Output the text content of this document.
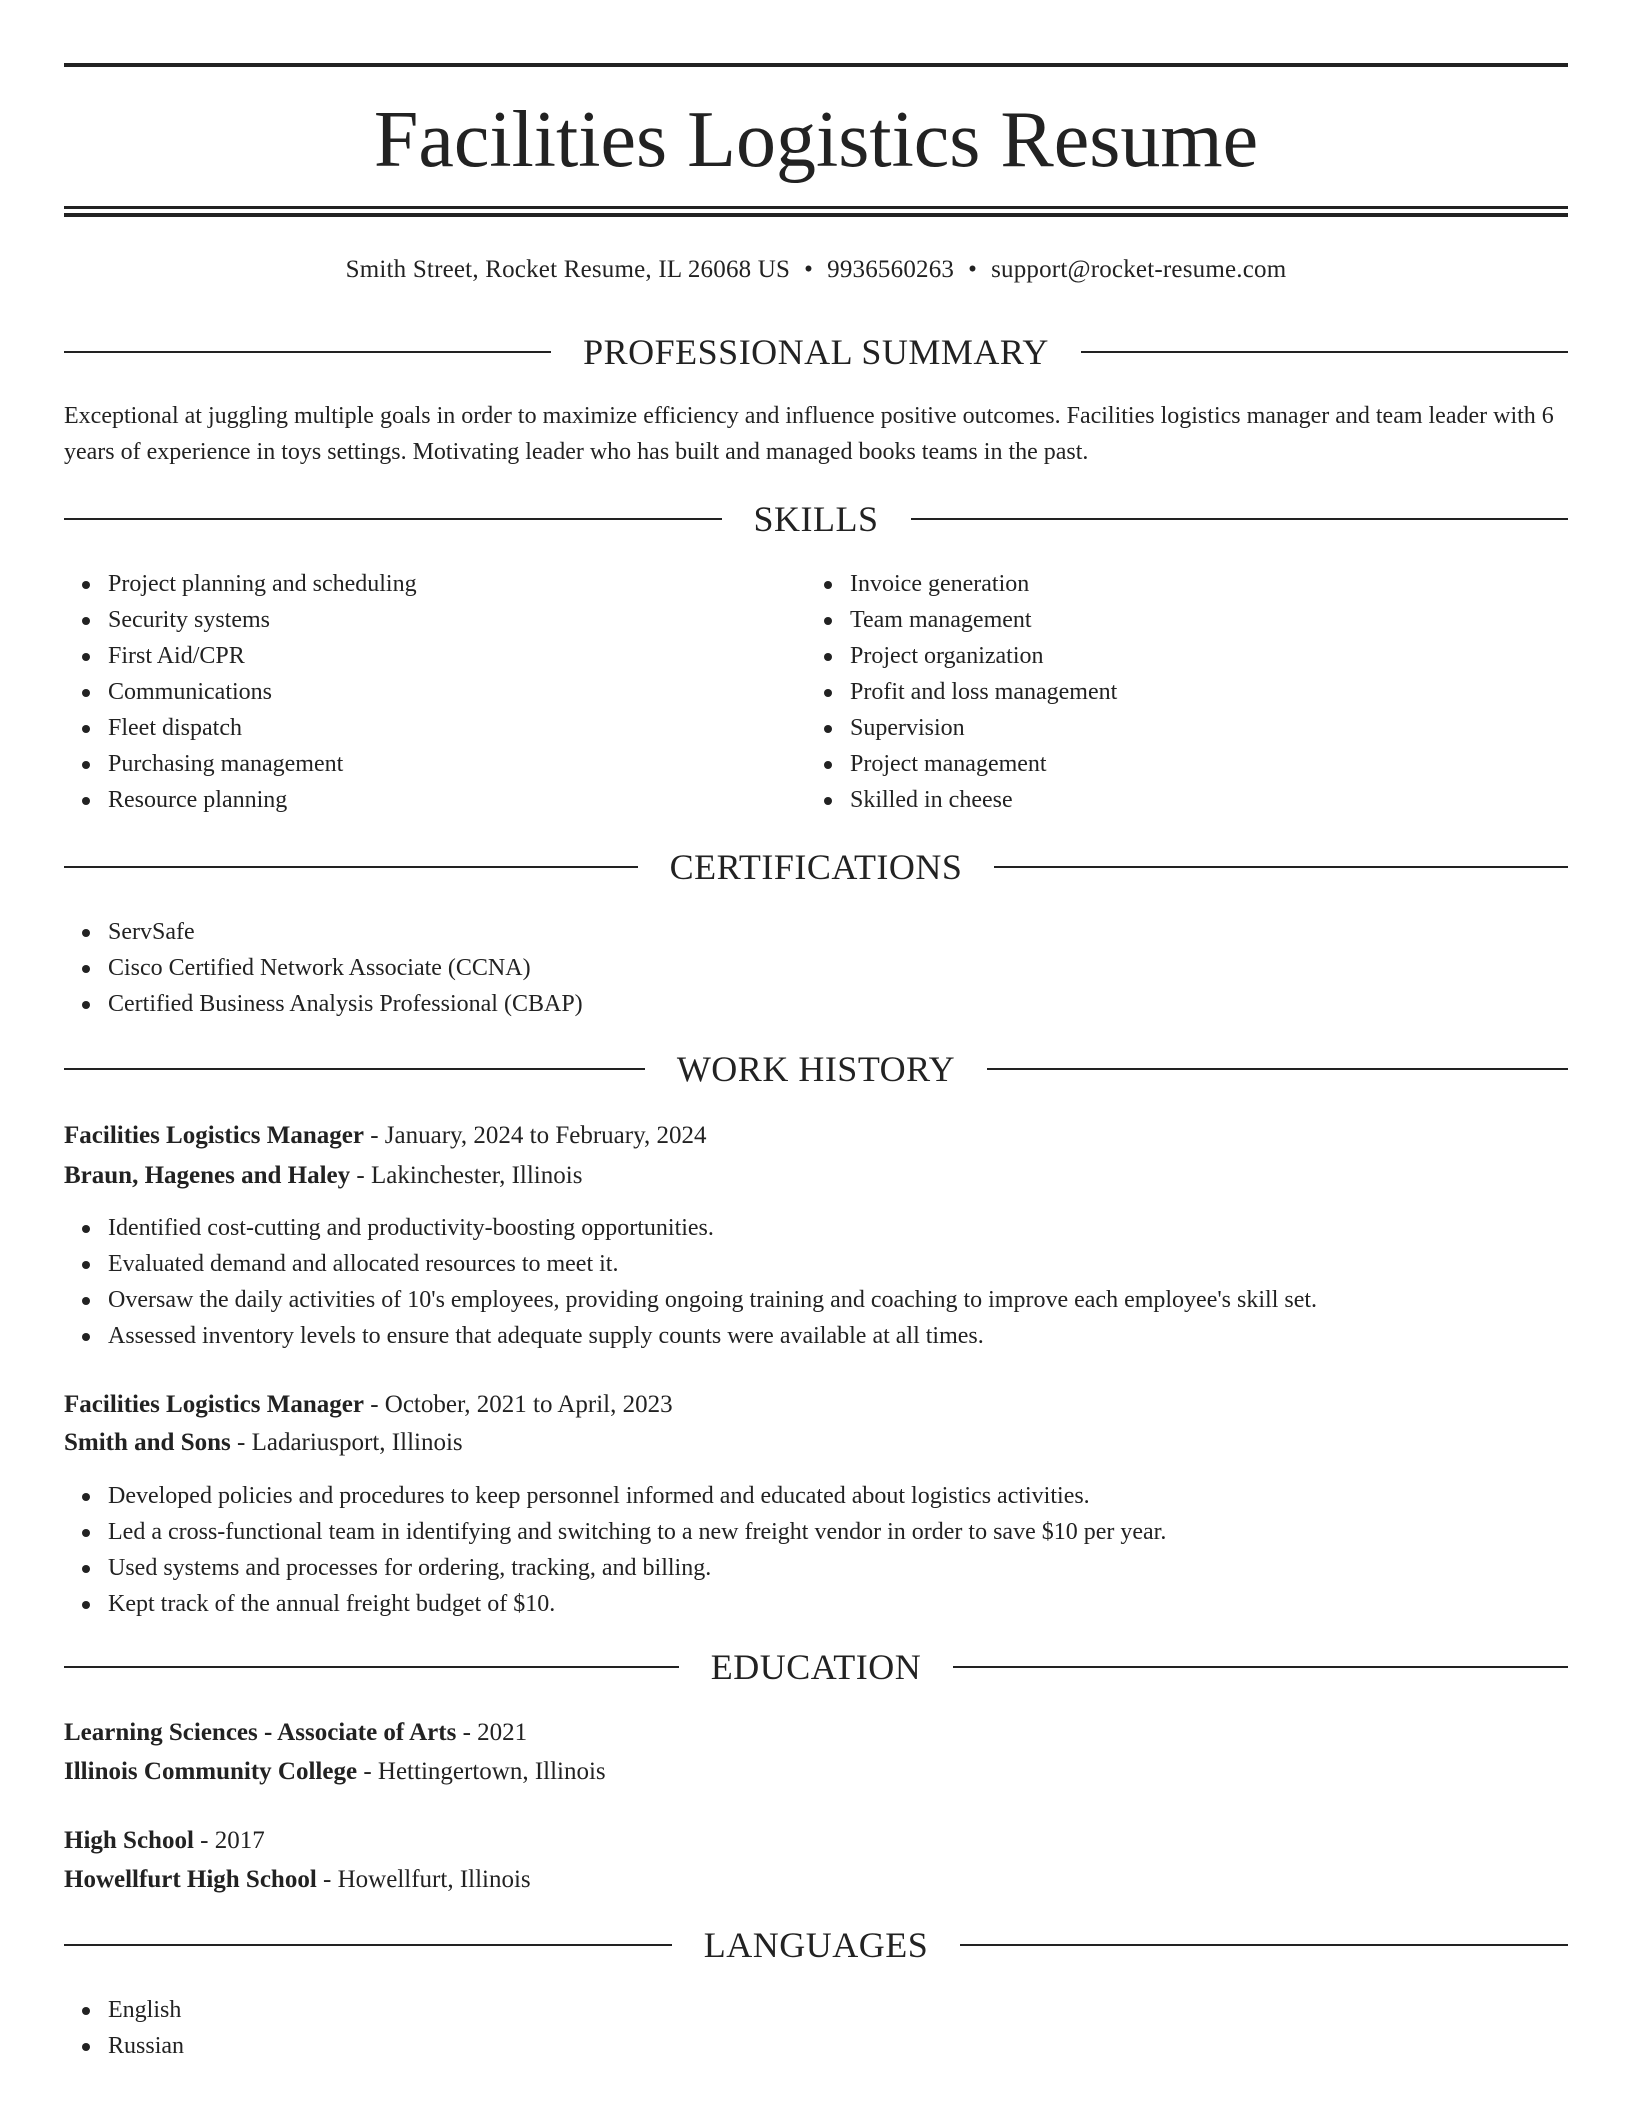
Facilities Logistics Resume
Smith Street, Rocket Resume, IL 26068 US • 9936560263 • support@rocket-resume.com
PROFESSIONAL SUMMARY

Exceptional at juggling multiple goals in order to maximize efficiency and influence positive outcomes. Facilities logistics manager and team leader with 6 years of experience in toys settings. Motivating leader who has built and managed books teams in the past.

SKILLS
Project planning and scheduling
Security systems
First Aid/CPR
Communications
Fleet dispatch
Purchasing management
Resource planning
Invoice generation
Team management
Project organization
Profit and loss management
Supervision
Project management
Skilled in cheese
CERTIFICATIONS
ServSafe
Cisco Certified Network Associate (CCNA)
Certified Business Analysis Professional (CBAP)
WORK HISTORY
Facilities Logistics Manager - January, 2024 to February, 2024
Braun, Hagenes and Haley - Lakinchester, Illinois
Identified cost-cutting and productivity-boosting opportunities.
Evaluated demand and allocated resources to meet it.
Oversaw the daily activities of 10's employees, providing ongoing training and coaching to improve each employee's skill set.
Assessed inventory levels to ensure that adequate supply counts were available at all times.
Facilities Logistics Manager - October, 2021 to April, 2023
Smith and Sons - Ladariusport, Illinois
Developed policies and procedures to keep personnel informed and educated about logistics activities.
Led a cross-functional team in identifying and switching to a new freight vendor in order to save $10 per year.
Used systems and processes for ordering, tracking, and billing.
Kept track of the annual freight budget of $10.
EDUCATION
Learning Sciences - Associate of Arts - 2021
Illinois Community College - Hettingertown, Illinois
High School - 2017
Howellfurt High School - Howellfurt, Illinois
LANGUAGES
English
Russian
